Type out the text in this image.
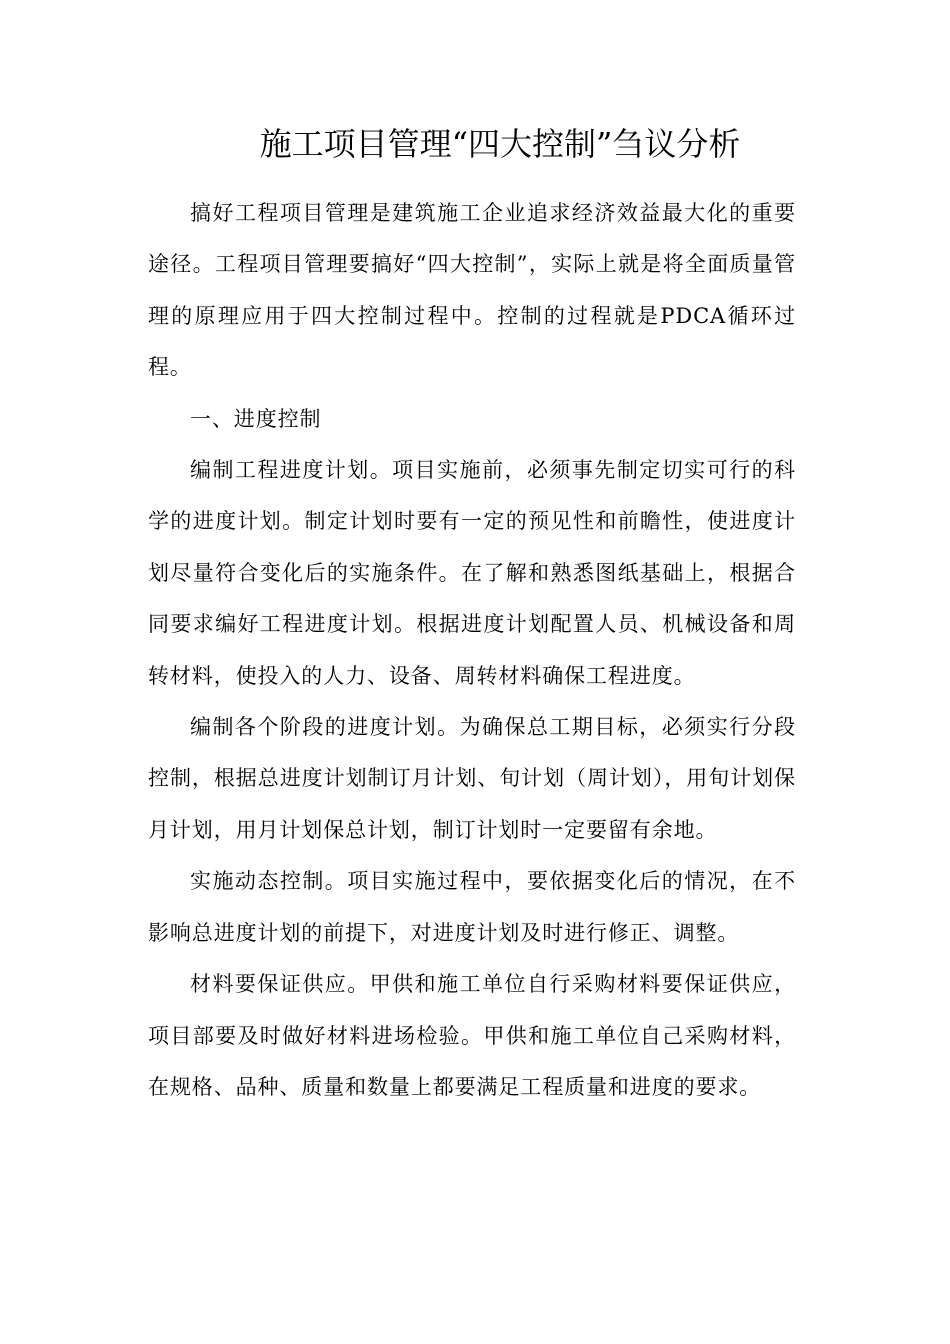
施工项目管理“四大控制”刍议分析

搞好工程项目管理是建筑施工企业追求经济效益最大化的重要途径。工程项目管理要搞好“四大控制”，实际上就是将全面质量管理的原理应用于四大控制过程中。控制的过程就是PDCA循环过程。

一、进度控制

编制工程进度计划。项目实施前，必须事先制定切实可行的科学的进度计划。制定计划时要有一定的预见性和前瞻性，使进度计划尽量符合变化后的实施条件。在了解和熟悉图纸基础上，根据合同要求编好工程进度计划。根据进度计划配置人员、机械设备和周转材料，使投入的人力、设备、周转材料确保工程进度。

编制各个阶段的进度计划。为确保总工期目标，必须实行分段控制，根据总进度计划制订月计划、旬计划（周计划），用旬计划保月计划，用月计划保总计划，制订计划时一定要留有余地。

实施动态控制。项目实施过程中，要依据变化后的情况，在不影响总进度计划的前提下，对进度计划及时进行修正、调整。

材料要保证供应。甲供和施工单位自行采购材料要保证供应，项目部要及时做好材料进场检验。甲供和施工单位自己采购材料，在规格、品种、质量和数量上都要满足工程质量和进度的要求。
